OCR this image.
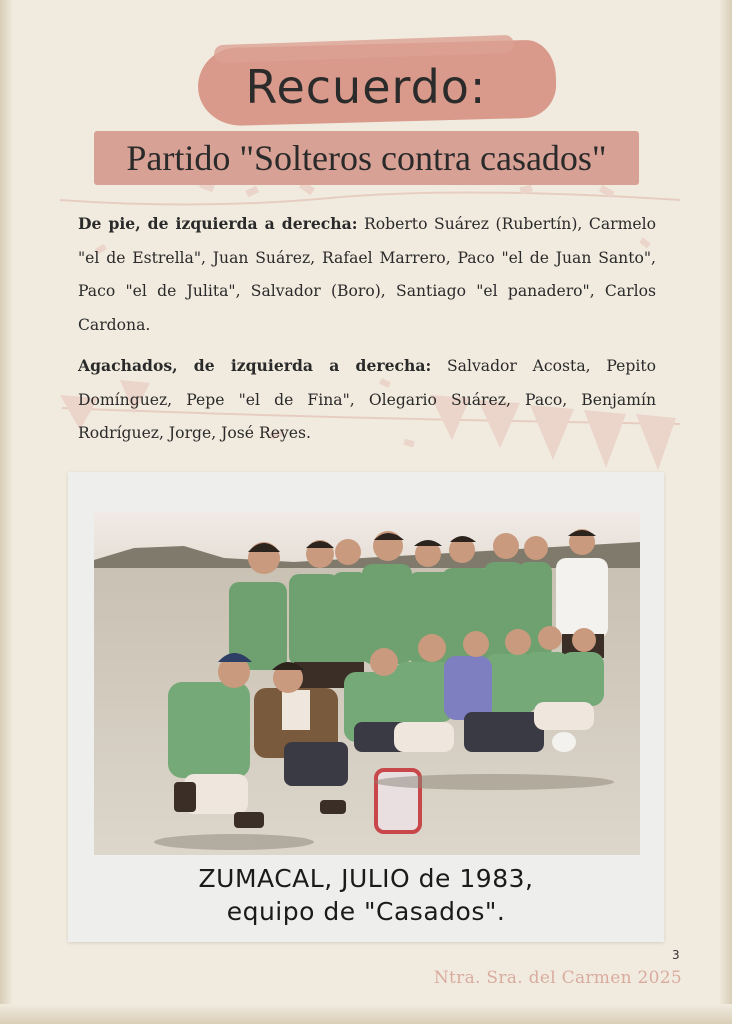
Recuerdo:
Partido "Solteros contra casados"

De pie, de izquierda a derecha: Roberto Suárez (Rubertín), Carmelo "el de Estrella", Juan Suárez, Rafael Marrero, Paco "el de Juan Santo", Paco "el de Julita", Salvador (Boro), Santiago "el panadero", Carlos Cardona.

Agachados, de izquierda a derecha: Salvador Acosta, Pepito Domínguez, Pepe "el de Fina", Olegario Suárez, Paco, Benjamín Rodríguez, Jorge, José Reyes.

ZUMACAL, JULIO de 1983,

equipo de "Casados".

3
Ntra. Sra. del Carmen 2025
